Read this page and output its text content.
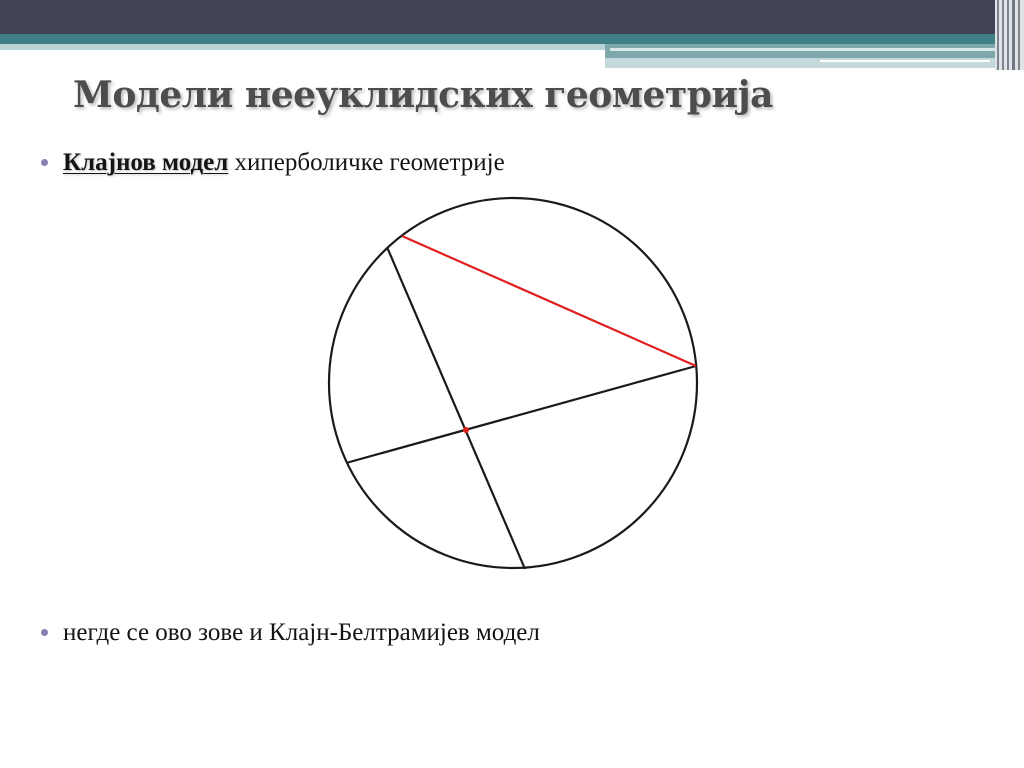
Модели нееуклидских геометрија

Клајнов модел хиперболичке геометрије

негде се ово зове и Клајн-Белтрамијев модел
